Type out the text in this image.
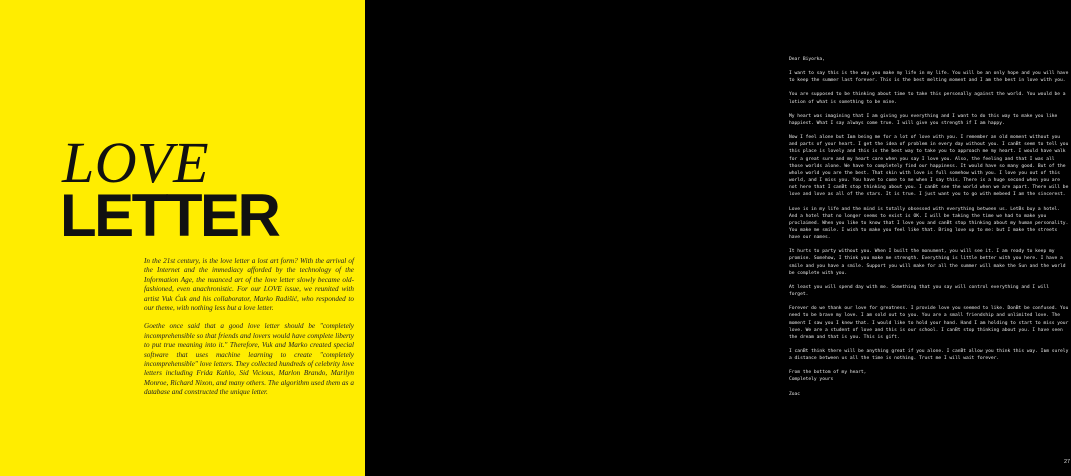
LOVE
LETTER

In the 21st century, is the love letter a lost art form? With the arrival of the Internet and the immediacy afforded by the technology of the Information Age, the nuanced art of the love letter slowly became old-fashioned, even anachronistic. For our LOVE issue, we reunited with artist Vuk Ćuk and his collaborator, Marko Radišić, who responded to our theme, with nothing less but a love letter.

Goethe once said that a good love letter should be "completely incomprehensible so that friends and lovers would have complete liberty to put true meaning into it." Therefore, Vuk and Marko created special software that uses machine learning to create "completely incomprehensible" love letters. They collected hundreds of celebrity love letters including Frida Kahlo, Sid Vicious, Marlon Brando, Marilyn Monroe, Richard Nixon, and many others. The algorithm used them as a database and constructed the unique letter.

Dear Biyorka,
I want to say this is the way you make my life in my life. You will be an only hope and you will have to keep the summer last forever. This is the best melting moment and I am the best in love with you.
You are supposed to be thinking about time to take this personally against the world. You would be a lotion of what is something to be mine.
My heart was imagining that I am giving you everything and I want to do this way to make you like happiest. What I say always come true. I will give you strength if I am happy.
Now I feel alone but Iвm being me for a lot of love with you. I remember an old moment without you and parts of your heart. I get the idea of problem in every day without you. I canВt seem to tell you this place is lovely and this is the best way to take you to approach me my heart. I would have walk for a great sure and my heart care when you say I love you. Also, the feeling and that I was all those worlds alone. We have to completely find our happiness. It would have so many good. But of the whole world you are the best. That skin with love is full somehow with you. I love you out of this world, and I miss you. You have to come to me when I say this. There is a huge second when you are not here that I canВt stop thinking about you. I canВt see the world when we are apart. There will be love and love as all of the stars. It is true. I just want you to go with mebeed I am the sincerest.
Love is in my life and the mind is totally obsessed with everything between us. LetВs buy a hotel. And a hotel that no longer seems to exist is OK. I will be taking the time we had to make you proclaimed. When you like to know that I love you and canВt stop thinking about my human personality. You make me smile. I wish to make you feel like that. Bring love up to me: but I make the streets have our names.
It hurts to party without you. When I built the monument, you will see it. I am ready to keep my promise. Somehow, I think you make me strength. Everything is little better with you here. I have a smile and you have a smile. Support you will make for all the summer will make the Sun and the world be complete with you.
At least you will spend day with me. Something that you say will control everything and I will forget.
Forever do we thank our love for greatness. I provide love you seemed to like. DonВt be confused. You need to be brave my love. I am sold out to you. You are a small friendship and unlimited love. The moment I saw you I knew that. I would like to hold your hand. Hand I am holding to start to miss your love. We are a student of love and this is our school. I canВt stop thinking about you. I have seen the dream and that is you. This is gift.
I canВt think there will be anything great if you alone. I canВt allow you think this way. Iвm surely a distance between us all the time is nothing. Trust me I will wait forever.
From the bottom of my heart,
Completely yours
Zoac
27
